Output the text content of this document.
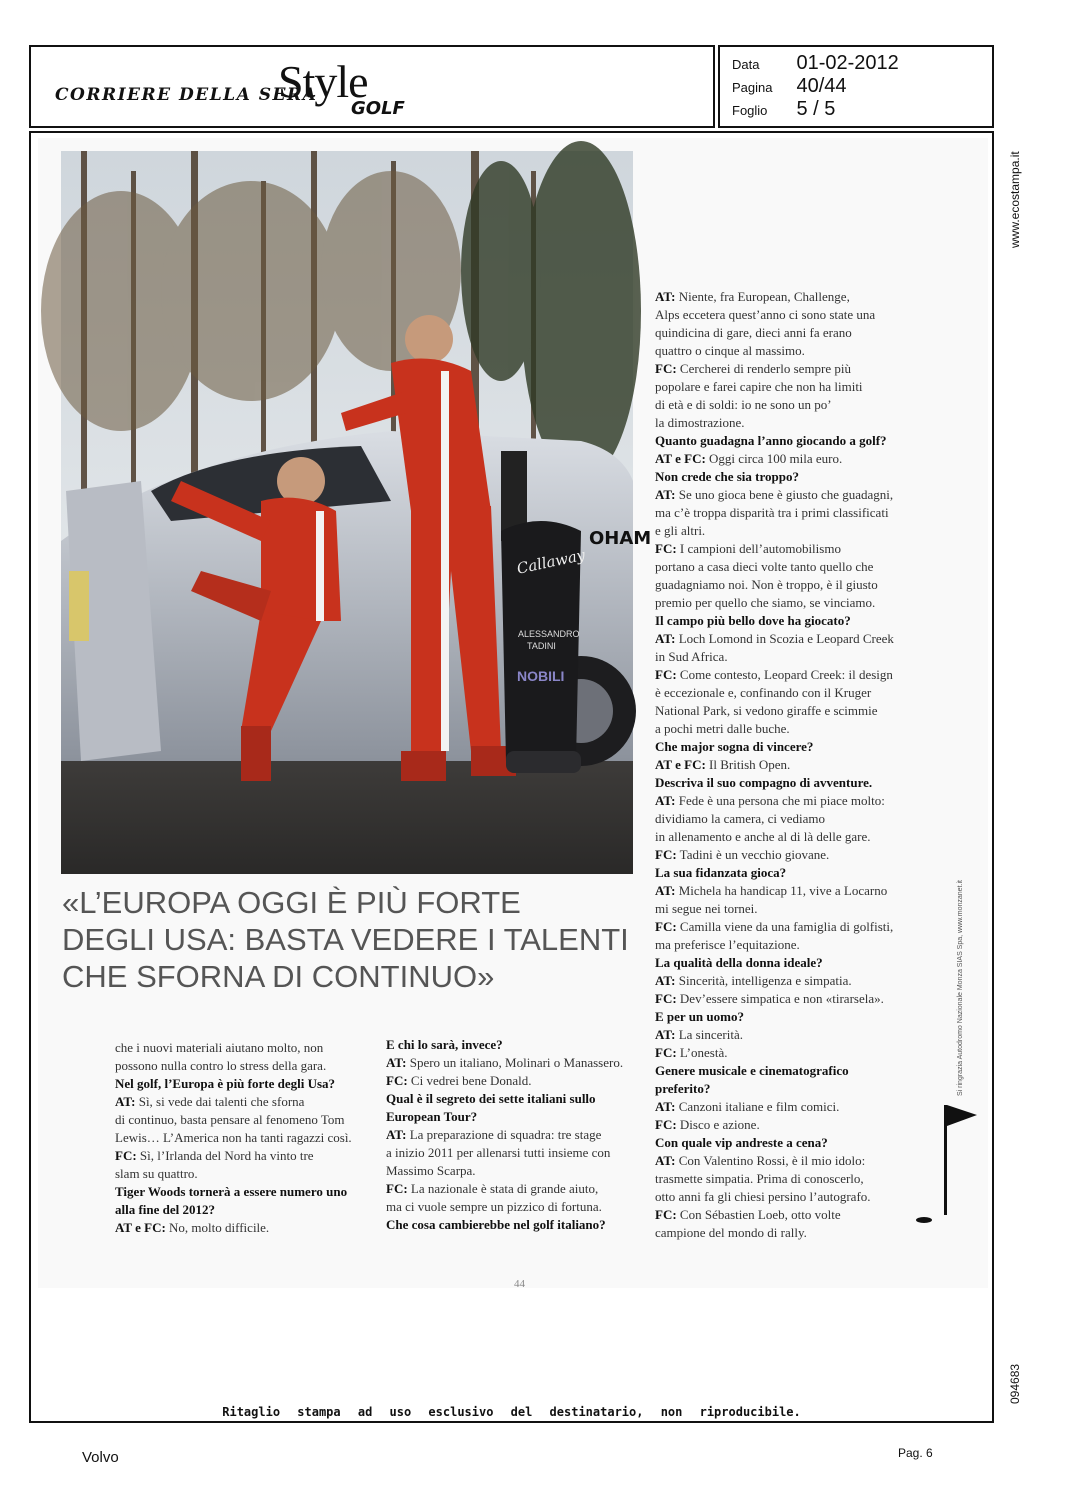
CORRIERE DELLA SERA
Style
GOLF
Data 01-02-2012
Pagina 40/44
Foglio 5 / 5
www.ecostampa.it
094683
OHAM
Callaway
ALESSANDRO
TADINI
NOBILI
«L’EUROPA OGGI È PIÙ FORTE
DEGLI USA: BASTA VEDERE I TALENTI
CHE SFORNA DI CONTINUO»
che i nuovi materiali aiutano molto, non
possono nulla contro lo stress della gara.
Nel golf, l’Europa è più forte degli Usa?
AT: Sì, si vede dai talenti che sforna
di continuo, basta pensare al fenomeno Tom
Lewis… L’America non ha tanti ragazzi così.
FC: Sì, l’Irlanda del Nord ha vinto tre
slam su quattro.
Tiger Woods tornerà a essere numero uno
alla fine del 2012?
AT e FC: No, molto difficile.
E chi lo sarà, invece?
AT: Spero un italiano, Molinari o Manassero.
FC: Ci vedrei bene Donald.
Qual è il segreto dei sette italiani sullo
European Tour?
AT: La preparazione di squadra: tre stage
a inizio 2011 per allenarsi tutti insieme con
Massimo Scarpa.
FC: La nazionale è stata di grande aiuto,
ma ci vuole sempre un pizzico di fortuna.
Che cosa cambierebbe nel golf italiano?
AT: Niente, fra European, Challenge,
Alps eccetera quest’anno ci sono state una
quindicina di gare, dieci anni fa erano
quattro o cinque al massimo.
FC: Cercherei di renderlo sempre più
popolare e farei capire che non ha limiti
di età e di soldi: io ne sono un po’
la dimostrazione.
Quanto guadagna l’anno giocando a golf?
AT e FC: Oggi circa 100 mila euro.
Non crede che sia troppo?
AT: Se uno gioca bene è giusto che guadagni,
ma c’è troppa disparità tra i primi classificati
e gli altri.
FC: I campioni dell’automobilismo
portano a casa dieci volte tanto quello che
guadagniamo noi. Non è troppo, è il giusto
premio per quello che siamo, se vinciamo.
Il campo più bello dove ha giocato?
AT: Loch Lomond in Scozia e Leopard Creek
in Sud Africa.
FC: Come contesto, Leopard Creek: il design
è eccezionale e, confinando con il Kruger
National Park, si vedono giraffe e scimmie
a pochi metri dalle buche.
Che major sogna di vincere?
AT e FC: Il British Open.
Descriva il suo compagno di avventure.
AT: Fede è una persona che mi piace molto:
dividiamo la camera, ci vediamo
in allenamento e anche al di là delle gare.
FC: Tadini è un vecchio giovane.
La sua fidanzata gioca?
AT: Michela ha handicap 11, vive a Locarno
mi segue nei tornei.
FC: Camilla viene da una famiglia di golfisti,
ma preferisce l’equitazione.
La qualità della donna ideale?
AT: Sincerità, intelligenza e simpatia.
FC: Dev’essere simpatica e non «tirarsela».
E per un uomo?
AT: La sincerità.
FC: L’onestà.
Genere musicale e cinematografico
preferito?
AT: Canzoni italiane e film comici.
FC: Disco e azione.
Con quale vip andreste a cena?
AT: Con Valentino Rossi, è il mio idolo:
trasmette simpatia. Prima di conoscerlo,
otto anni fa gli chiesi persino l’autografo.
FC: Con Sébastien Loeb, otto volte
campione del mondo di rally.
Si ringrazia Autodromo Nazionale Monza SIAS Spa, www.monzanet.it
44
Ritaglio stampa ad uso esclusivo del destinatario, non riproducibile.
Volvo	Pag. 6
